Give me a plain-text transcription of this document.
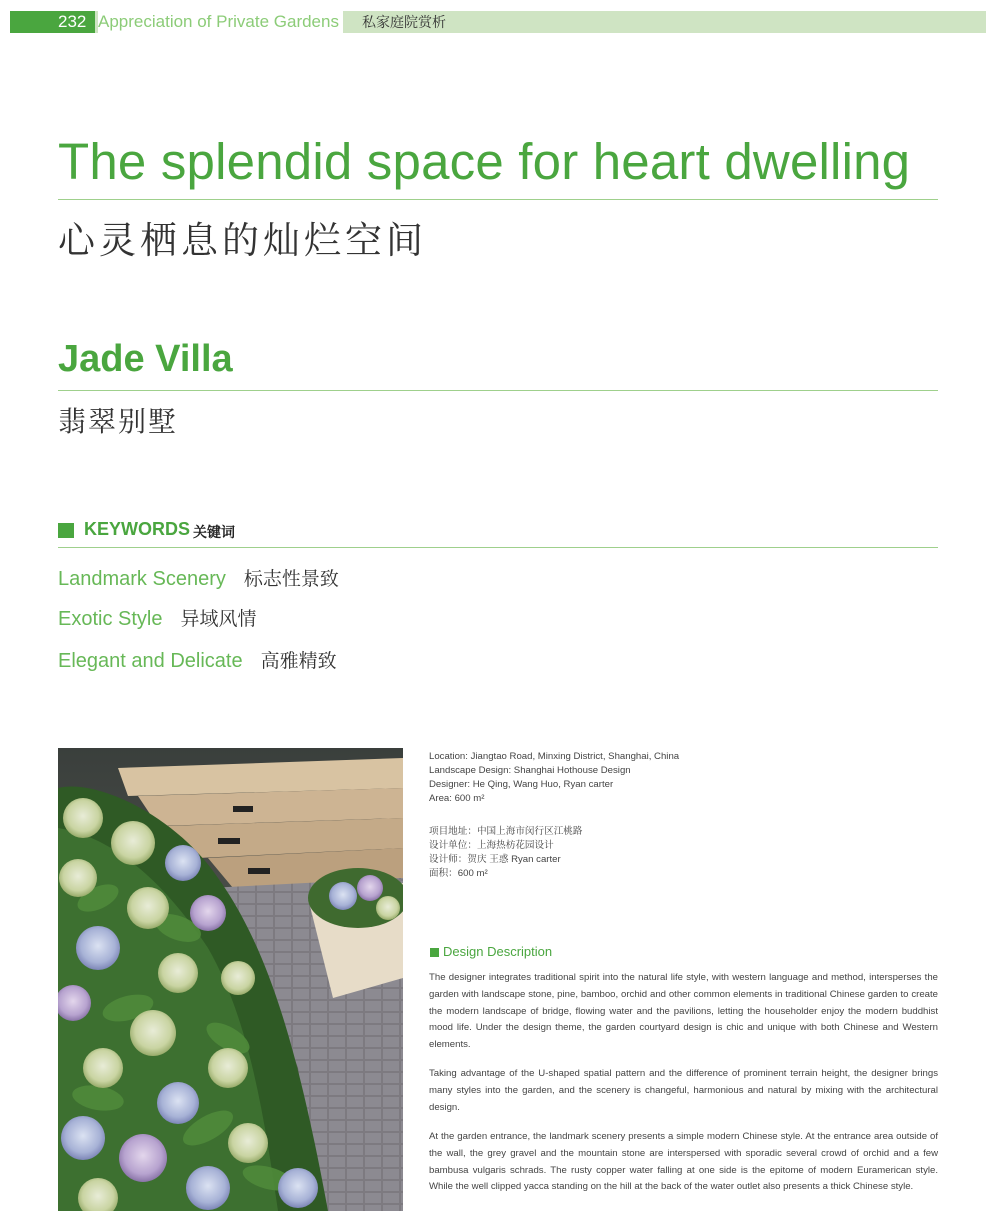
232 Appreciation of Private Gardens 私家庭院赏析
The splendid space for heart dwelling
心灵栖息的灿烂空间
Jade Villa
翡翠别墅
KEYWORDS 关键词
Landmark Scenery 标志性景致
Exotic Style 异域风情
Elegant and Delicate 高雅精致
Location: Jiangtao Road, Minxing District, Shanghai, China
Landscape Design: Shanghai Hothouse Design
Designer: He Qing, Wang Huo, Ryan carter
Area: 600 m²
项目地址：中国上海市闵行区江桃路
设计单位：上海热枋花园设计
设计师：贺庆 王惑 Ryan carter
面积：600 m²
Design Description
The designer integrates traditional spirit into the natural life style, with western language and method, intersperses the garden with landscape stone, pine, bamboo, orchid and other common elements in traditional Chinese garden to create the modern landscape of bridge, flowing water and the pavilions, letting the householder enjoy the modern buddhist mood life. Under the design theme, the garden courtyard design is chic and unique with both Chinese and Western elements.
Taking advantage of the U-shaped spatial pattern and the difference of prominent terrain height, the designer brings many styles into the garden, and the scenery is changeful, harmonious and natural by mixing with the architectural design.
At the garden entrance, the landmark scenery presents a simple modern Chinese style. At the entrance area outside of the wall, the grey gravel and the mountain stone are interspersed with sporadic several crowd of orchid and a few bambusa vulgaris schrads. The rusty copper water falling at one side is the epitome of modern Euramerican style. While the well clipped yacca standing on the hill at the back of the water outlet also presents a thick Chinese style.
